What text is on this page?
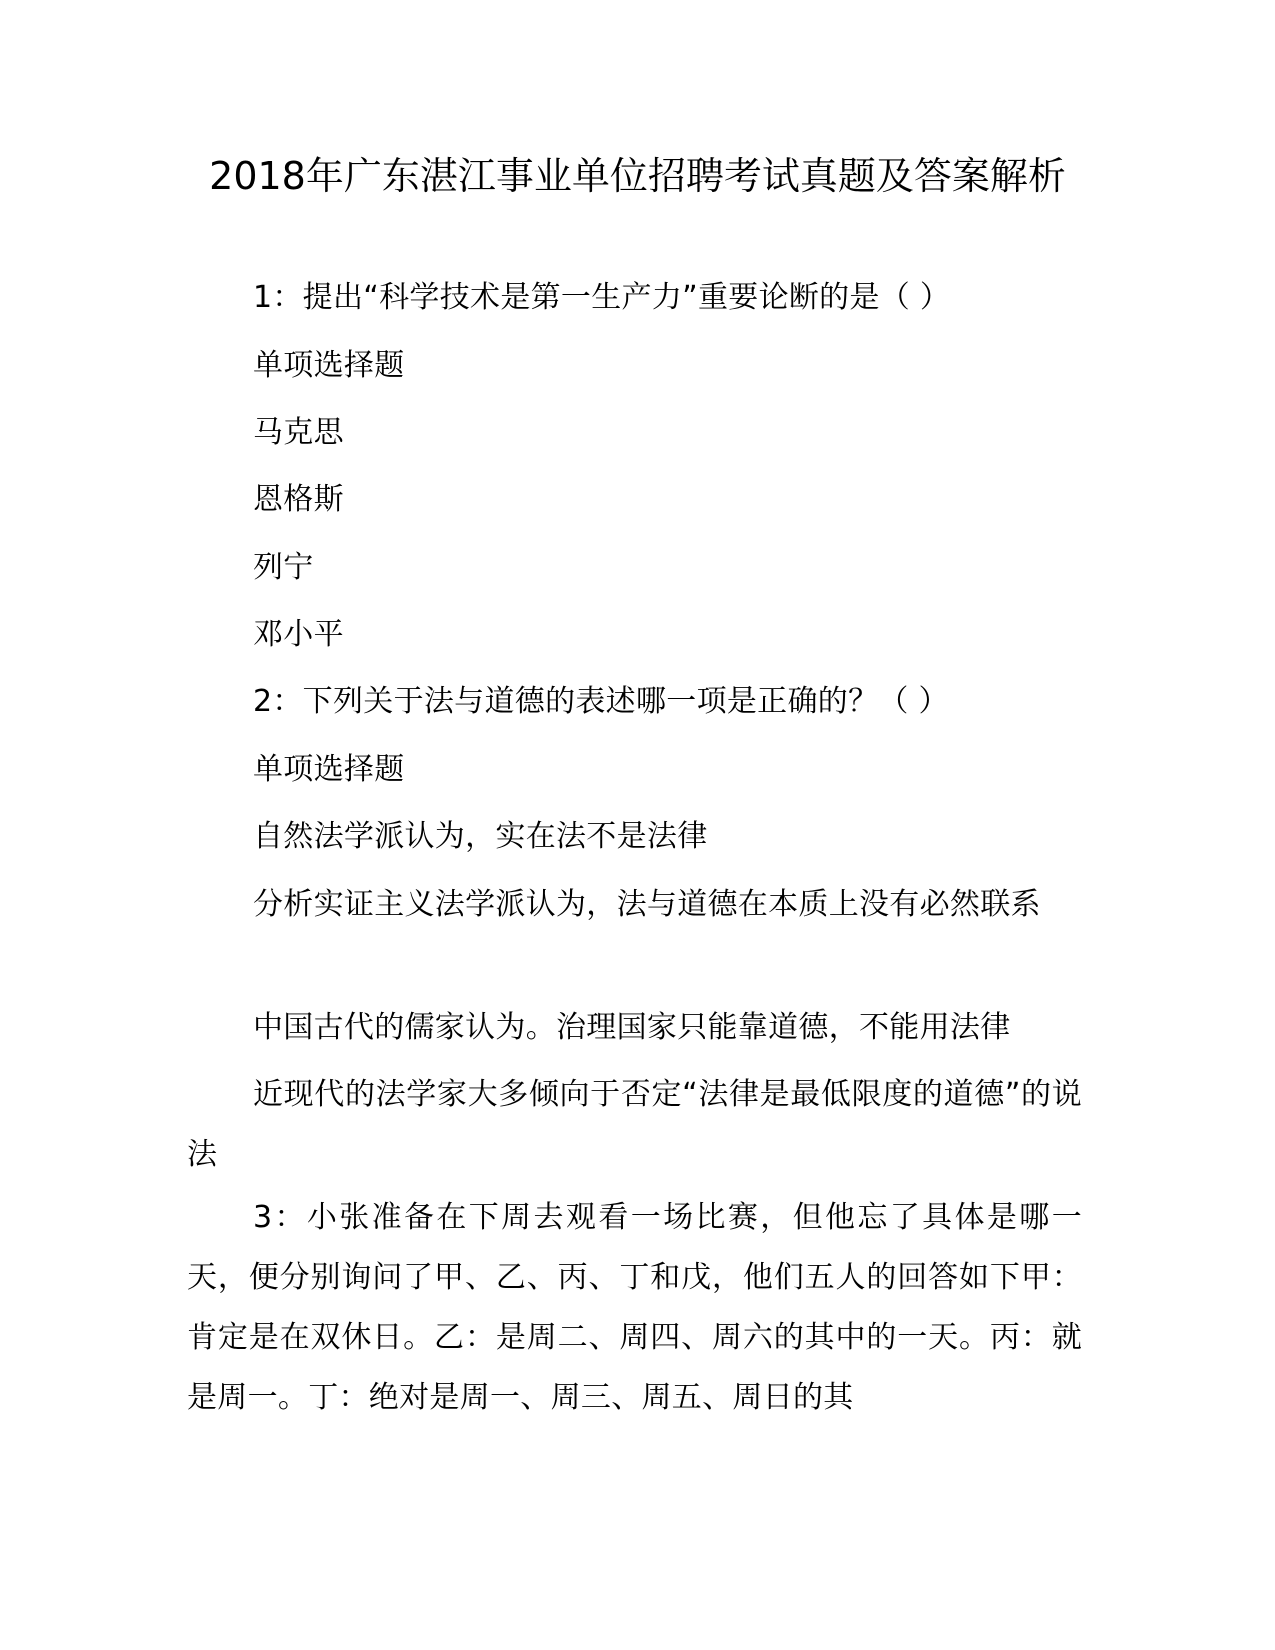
2018年广东湛江事业单位招聘考试真题及答案解析

1：提出“科学技术是第一生产力”重要论断的是（ ）

单项选择题

马克思

恩格斯

列宁

邓小平

2：下列关于法与道德的表述哪一项是正确的？（ ）

单项选择题

自然法学派认为，实在法不是法律

分析实证主义法学派认为，法与道德在本质上没有必然联系

中国古代的儒家认为。治理国家只能靠道德，不能用法律

近现代的法学家大多倾向于否定“法律是最低限度的道德”的说法

3：小张准备在下周去观看一场比赛，但他忘了具体是哪一天，便分别询问了甲、乙、丙、丁和戊，他们五人的回答如下甲：肯定是在双休日。乙：是周二、周四、周六的其中的一天。丙：就是周一。丁：绝对是周一、周三、周五、周日的其
